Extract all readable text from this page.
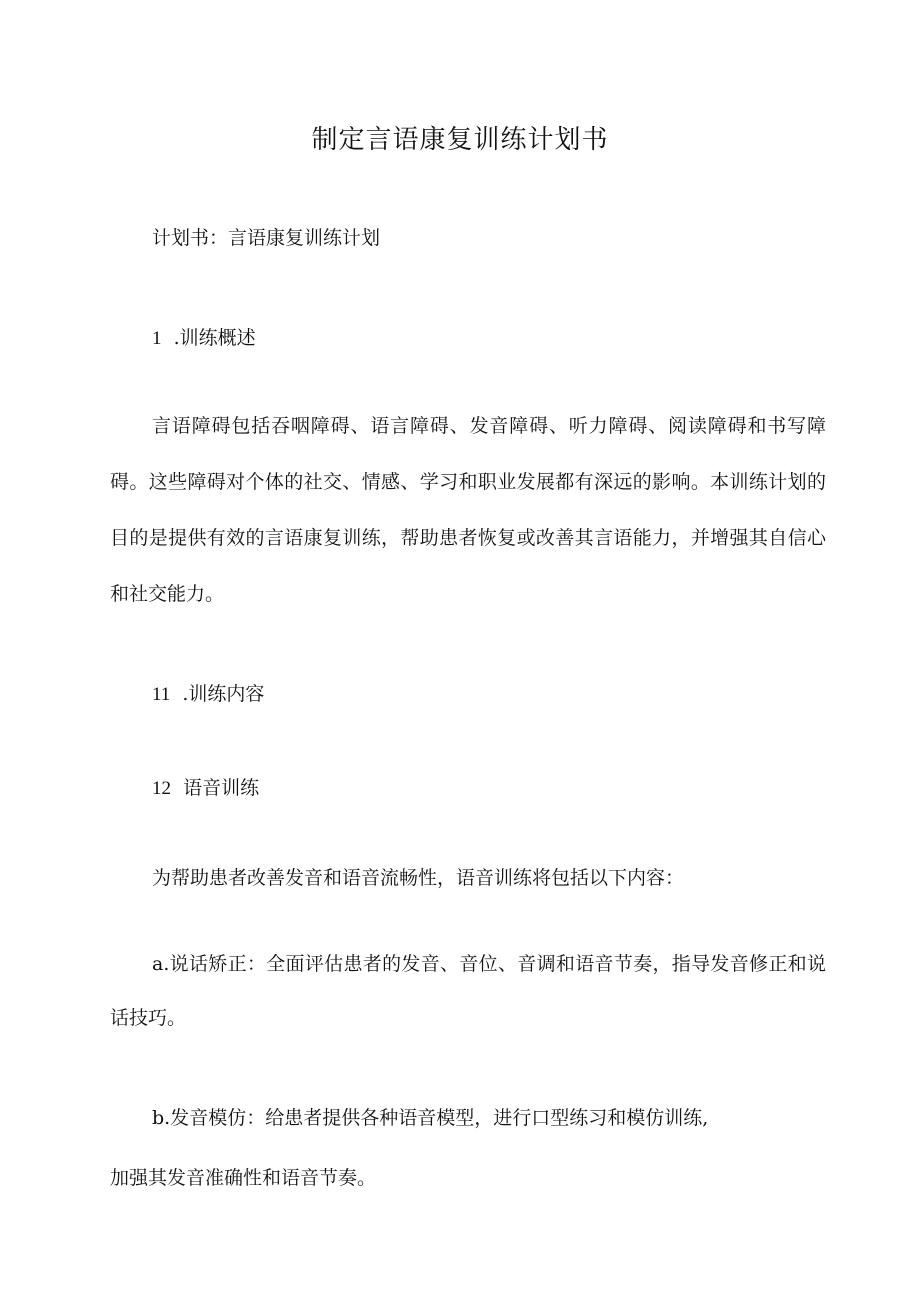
制定言语康复训练计划书
计划书：言语康复训练计划
1 .训练概述
言语障碍包括吞咽障碍、语言障碍、发音障碍、听力障碍、阅读障碍和书写障碍。这些障碍对个体的社交、情感、学习和职业发展都有深远的影响。本训练计划的目的是提供有效的言语康复训练，帮助患者恢复或改善其言语能力，并增强其自信心和社交能力。
11 .训练内容
12 语音训练
为帮助患者改善发音和语音流畅性，语音训练将包括以下内容：
a.说话矫正：全面评估患者的发音、音位、音调和语音节奏，指导发音修正和说话技巧。
b.发音模仿：给患者提供各种语音模型，进行口型练习和模仿训练,
加强其发音准确性和语音节奏。
